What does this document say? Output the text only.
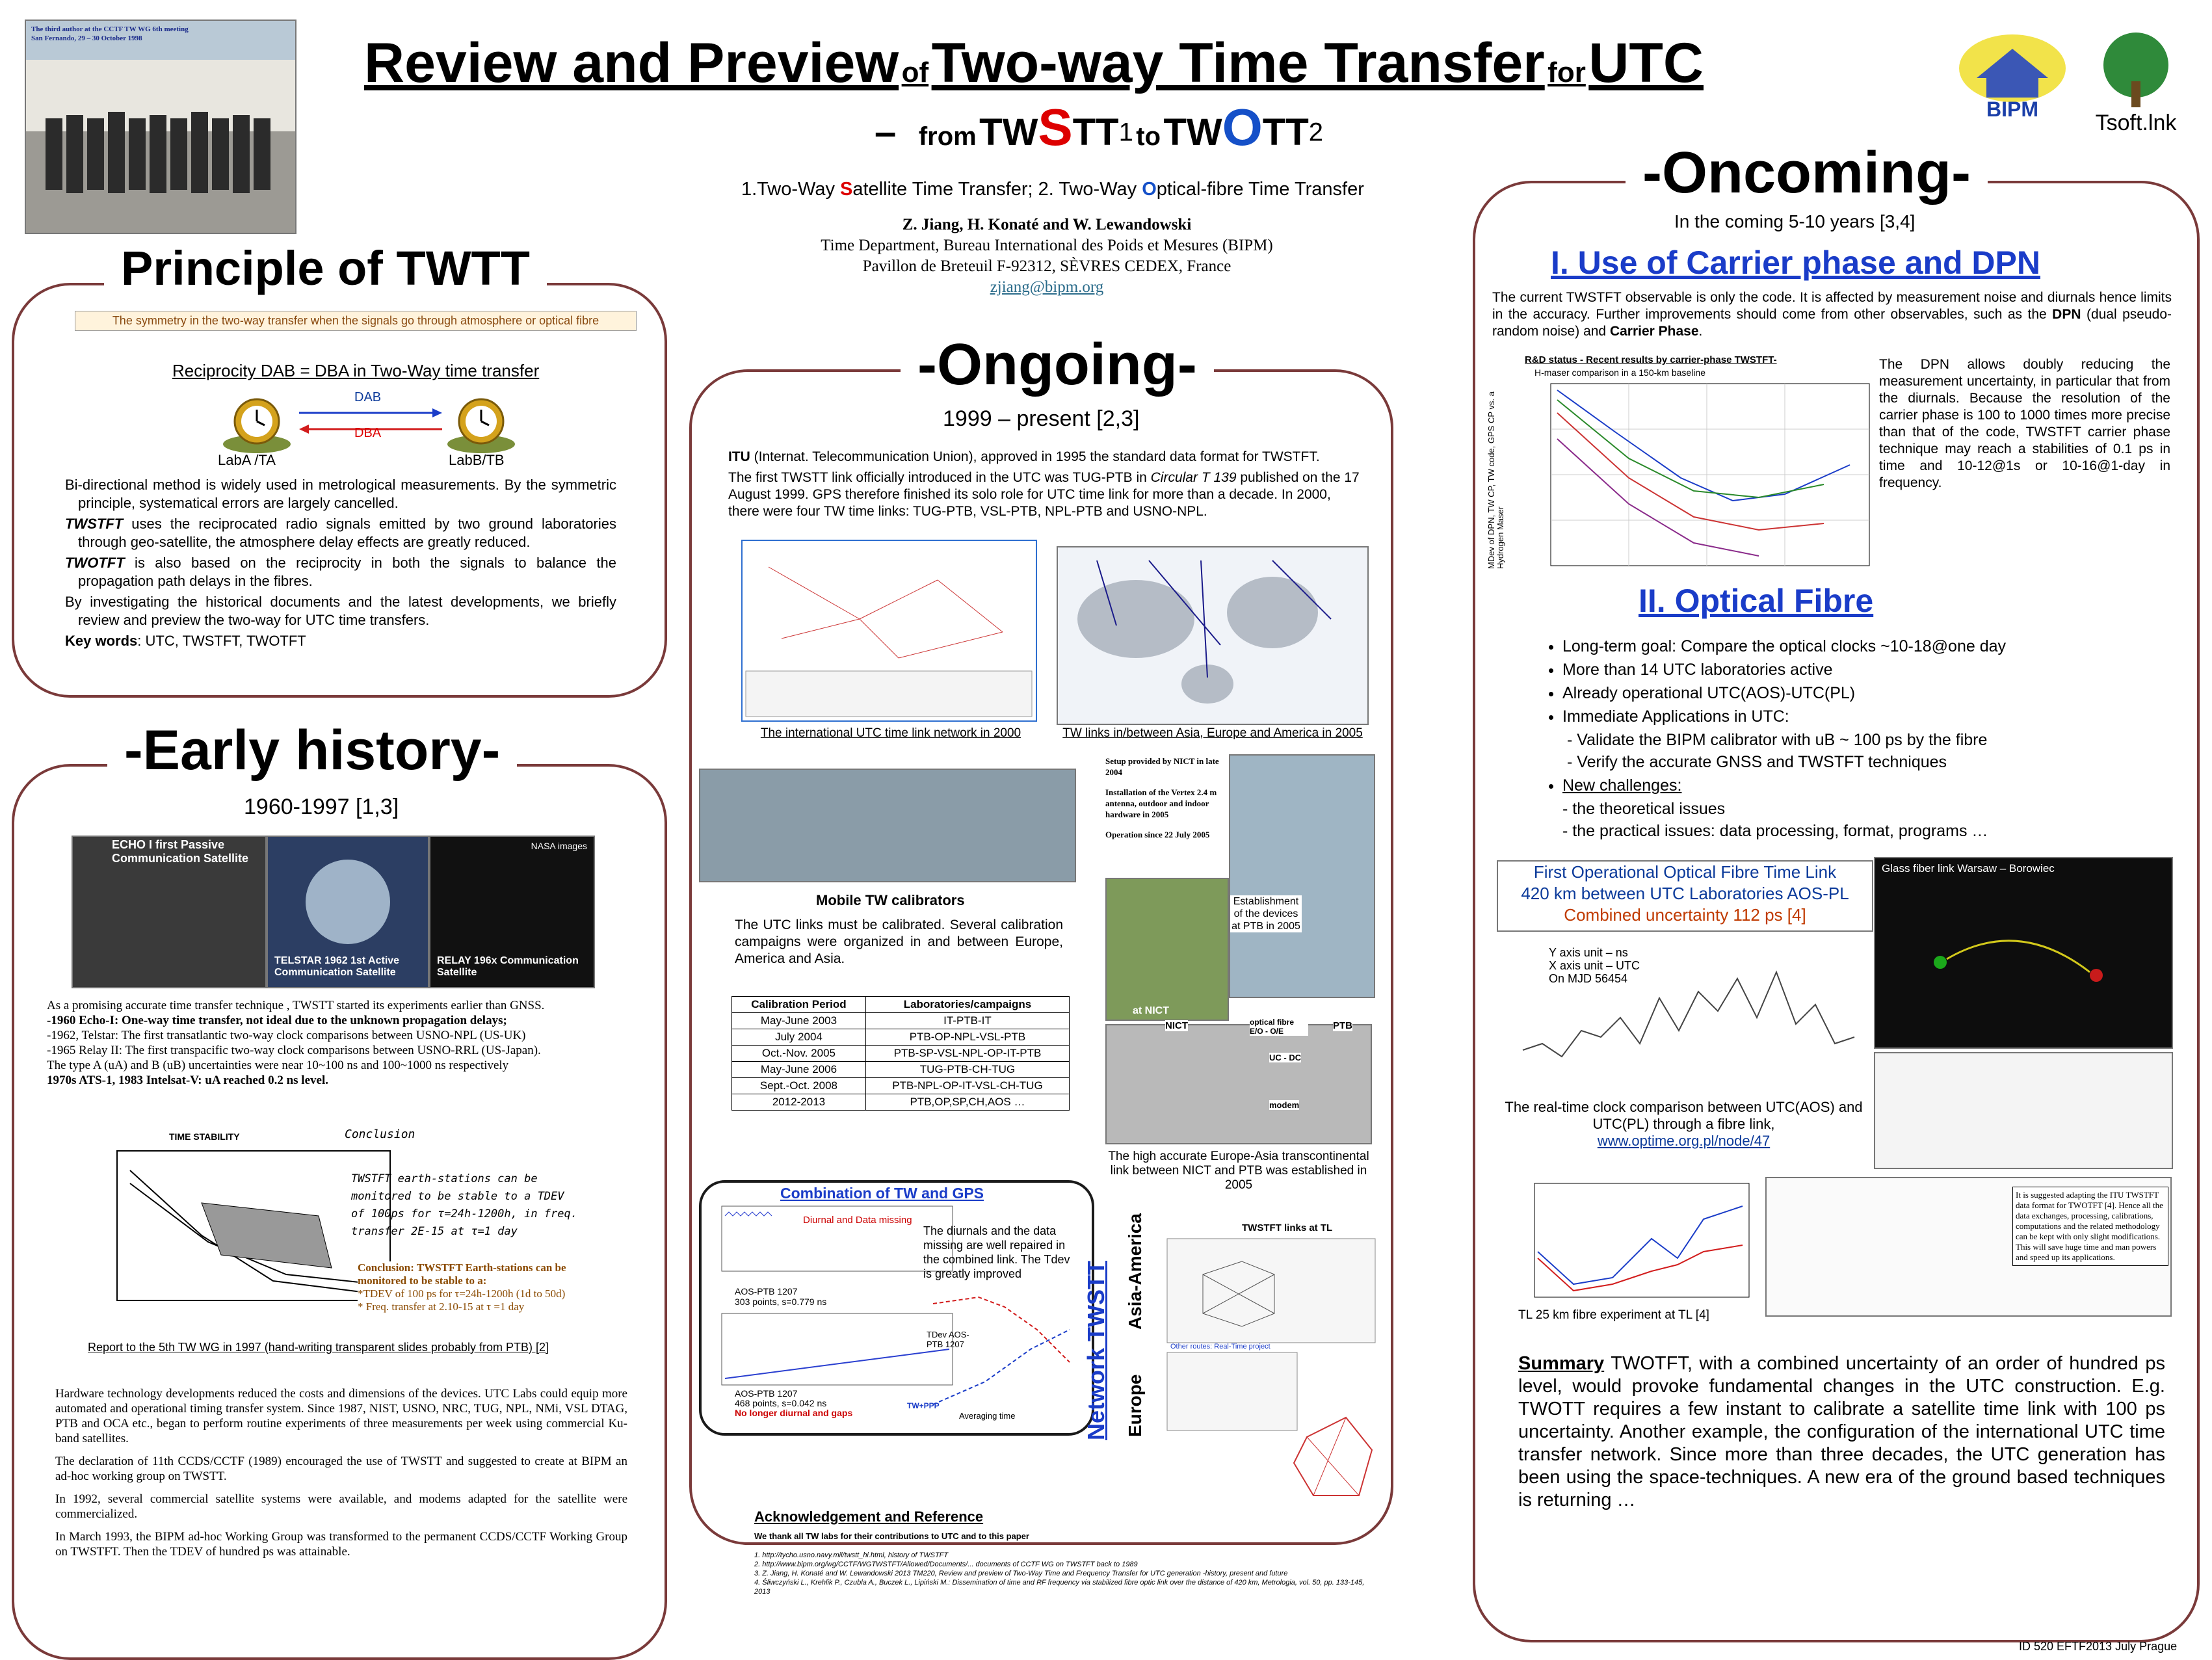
The third author at the CCTF TW WG 6th meeting
San Fernando, 29 – 30 October 1998	Review and Preview of Two-way Time Transfer for UTC
– from TWSTT$^1$ to TWOTT$^2$
1.Two-Way Satellite Time Transfer; 2. Two-Way Optical-fibre Time Transfer
Z. Jiang, H. Konaté and W. Lewandowski
Time Department, Bureau International des Poids et Mesures (BIPM)
Pavillon de Breteuil F-92312, SÈVRES CEDEX, France
zjiang@bipm.org
BIPM
Tsoft.lnk
Principle of TWTT
The symmetry in the two-way transfer when the signals go through atmosphere or optical fibre
Reciprocity DAB = DBA in Two-Way time transfer
DAB
DBA
LabA /TA	LabB/TB
Bi-directional method is widely used in metrological measurements. By the symmetric principle, systematical errors are largely cancelled.
TWSTFT uses the reciprocated radio signals emitted by two ground laboratories through geo-satellite, the atmosphere delay effects are greatly reduced.
TWOTFT is also based on the reciprocity in both the signals to balance the propagation path delays in the fibres.
By investigating the historical documents and the latest developments, we briefly review and preview the two-way for UTC time transfers.
Key words: UTC, TWSTFT, TWOTFT
-Early history-
1960-1997 [1,3]
ECHO I first Passive Communication Satellite
TELSTAR 1962 1st Active Communication Satellite
NASA images
RELAY 196x Communication Satellite
As a promising accurate time transfer technique , TWSTT started its experiments earlier than GNSS.
-1960 Echo-I: One-way time transfer, not ideal due to the unknown propagation delays;
-1962, Telstar: The first transatlantic two-way clock comparisons between USNO-NPL (US-UK)
-1965 Relay II: The first transpacific two-way clock comparisons between USNO-RRL (US-Japan).
The type A (uA) and B (uB) uncertainties were near 10~100 ns and 100~1000 ns respectively
1970s ATS-1, 1983 Intelsat-V: uA reached 0.2 ns level.
TIME STABILITY	Conclusion
TWSTFT earth-stations can be monitored to be stable to a TDEV of 100ps for τ=24h-1200h, in freq. transfer 2E-15 at τ=1 day
Conclusion: TWSTFT Earth-stations can be monitored to be stable to a:
*TDEV of 100 ps for τ=24h-1200h (1d to 50d)
* Freq. transfer at 2.10-15 at τ =1 day
Report to the 5th TW WG in 1997 (hand-writing transparent slides probably from PTB) [2]
Hardware technology developments reduced the costs and dimensions of the devices. UTC Labs could equip more automated and operational timing transfer system. Since 1987, NIST, USNO, NRC, TUG, NPL, NMi, VSL DTAG, PTB and OCA etc., began to perform routine experiments of three measurements per week using commercial Ku-band satellites.
The declaration of 11th CCDS/CCTF (1989) encouraged the use of TWSTT and suggested to create at BIPM an ad-hoc working group on TWSTT.
In 1992, several commercial satellite systems were available, and modems adapted for the satellite were commercialized.
In March 1993, the BIPM ad-hoc Working Group was transformed to the permanent CCDS/CCTF Working Group on TWSTFT. Then the TDEV of hundred ps was attainable.
-Ongoing-
1999 – present [2,3]
ITU (Internat. Telecommunication Union), approved in 1995 the standard data format for TWSTFT.
The first TWSTT link officially introduced in the UTC was TUG-PTB in Circular T 139 published on the 17 August 1999. GPS therefore finished its solo role for UTC time link for more than a decade. In 2000, there were four TW time links: TUG-PTB, VSL-PTB, NPL-PTB and USNO-NPL.
The international UTC time link network in 2000	TW links in/between Asia, Europe and America in 2005
Mobile TW calibrators
The UTC links must be calibrated. Several calibration campaigns were organized in and between Europe, America and Asia.
Calibration Period	Laboratories/campaigns
May-June 2003	IT-PTB-IT
July 2004	PTB-OP-NPL-VSL-PTB
Oct.-Nov. 2005	PTB-SP-VSL-NPL-OP-IT-PTB
May-June 2006	TUG-PTB-CH-TUG
Sept.-Oct. 2008	PTB-NPL-OP-IT-VSL-CH-TUG
2012-2013	PTB,OP,SP,CH,AOS …
Setup provided by NICT in late 2004
Installation of the Vertex 2.4 m antenna, outdoor and indoor hardware in 2005
Operation since 22 July 2005
Establishment of the devices at PTB in 2005
at NICT
NICT	optical fibre E/O - O/E	PTB
UC - DC
modem
The high accurate Europe-Asia transcontinental link between NICT and PTB was established in 2005
Combination of TW and GPS
Diurnal and Data missing
AOS-PTB 1207
303 points, s=0.779 ns
AOS-PTB 1207
468 points, s=0.042 ns
No longer diurnal and gaps
The diurnals and the data missing are well repaired in the combined link. The Tdev is greatly improved
TDev AOS-PTB 1207
TW+PPP
Averaging time	Network TWSTT Asia-America
Europe
TWSTFT links at TL
Other routes: Real-Time project
Acknowledgement and Reference
We thank all TW labs for their contributions to UTC and to this paper
1. http://tycho.usno.navy.mil/twstt_hi.html, history of TWSTFT
2. http://www.bipm.org/wg/CCTF/WGTWSTFT/Allowed/Documents/... documents of CCTF WG on TWSTFT back to 1989
3. Z. Jiang, H. Konaté and W. Lewandowski 2013 TM220, Review and preview of Two-Way Time and Frequency Transfer for UTC generation -history, present and future
4. Śliwczyński L., Krehlik P., Czubla A., Buczek L., Lipiński M.: Dissemination of time and RF frequency via stabilized fibre optic link over the distance of 420 km, Metrologia, vol. 50, pp. 133-145, 2013
-Oncoming-
In the coming 5-10 years [3,4]
I. Use of Carrier phase and DPN
The current TWSTFT observable is only the code. It is affected by measurement noise and diurnals hence limits in the accuracy. Further improvements should come from other observables, such as the DPN (dual pseudo-random noise) and Carrier Phase.
R&D status - Recent results by carrier-phase TWSTFT-
H-maser comparison in a 150-km baseline
MDev of DPN, TW CP, TW code, GPS CP vs. a Hydrogen Maser
The DPN allows doubly reducing the measurement uncertainty, in particular that from the diurnals. Because the resolution of the carrier phase is 100 to 1000 times more precise than that of the code, TWSTFT carrier phase technique may reach a stabilities of 0.1 ps in time and 10-12@1s or 10-16@1-day in frequency.
II. Optical Fibre
• Long-term goal: Compare the optical clocks ~10-18@one day
• More than 14 UTC laboratories active
• Already operational UTC(AOS)-UTC(PL)
• Immediate Applications in UTC:
- Validate the BIPM calibrator with uB ~ 100 ps by the fibre
- Verify the accurate GNSS and TWSTFT techniques
• New challenges:
- the theoretical issues
- the practical issues: data processing, format, programs …
First Operational Optical Fibre Time Link
420 km between UTC Laboratories AOS-PL
Combined uncertainty 112 ps [4]
Y axis unit – ns
X axis unit – UTC
On MJD 56454
Glass fiber link Warsaw – Borowiec
The real-time clock comparison between UTC(AOS) and UTC(PL) through a fibre link,
www.optime.org.pl/node/47
TL 25 km fibre experiment at TL [4]
It is suggested adapting the ITU TWSTFT data format for TWOTFT [4]. Hence all the data exchanges, processing, calibrations, computations and the related methodology can be kept with only slight modifications. This will save huge time and man powers and speed up its applications.
Summary TWOTFT, with a combined uncertainty of an order of hundred ps level, would provoke fundamental changes in the UTC construction. E.g. TWOTT requires a few instant to calibrate a satellite time link with 100 ps uncertainty. Another example, the configuration of the international UTC time transfer network. Since more than three decades, the UTC generation has been using the space-techniques. A new era of the ground based techniques is returning …
ID 520 EFTF2013 July Prague
